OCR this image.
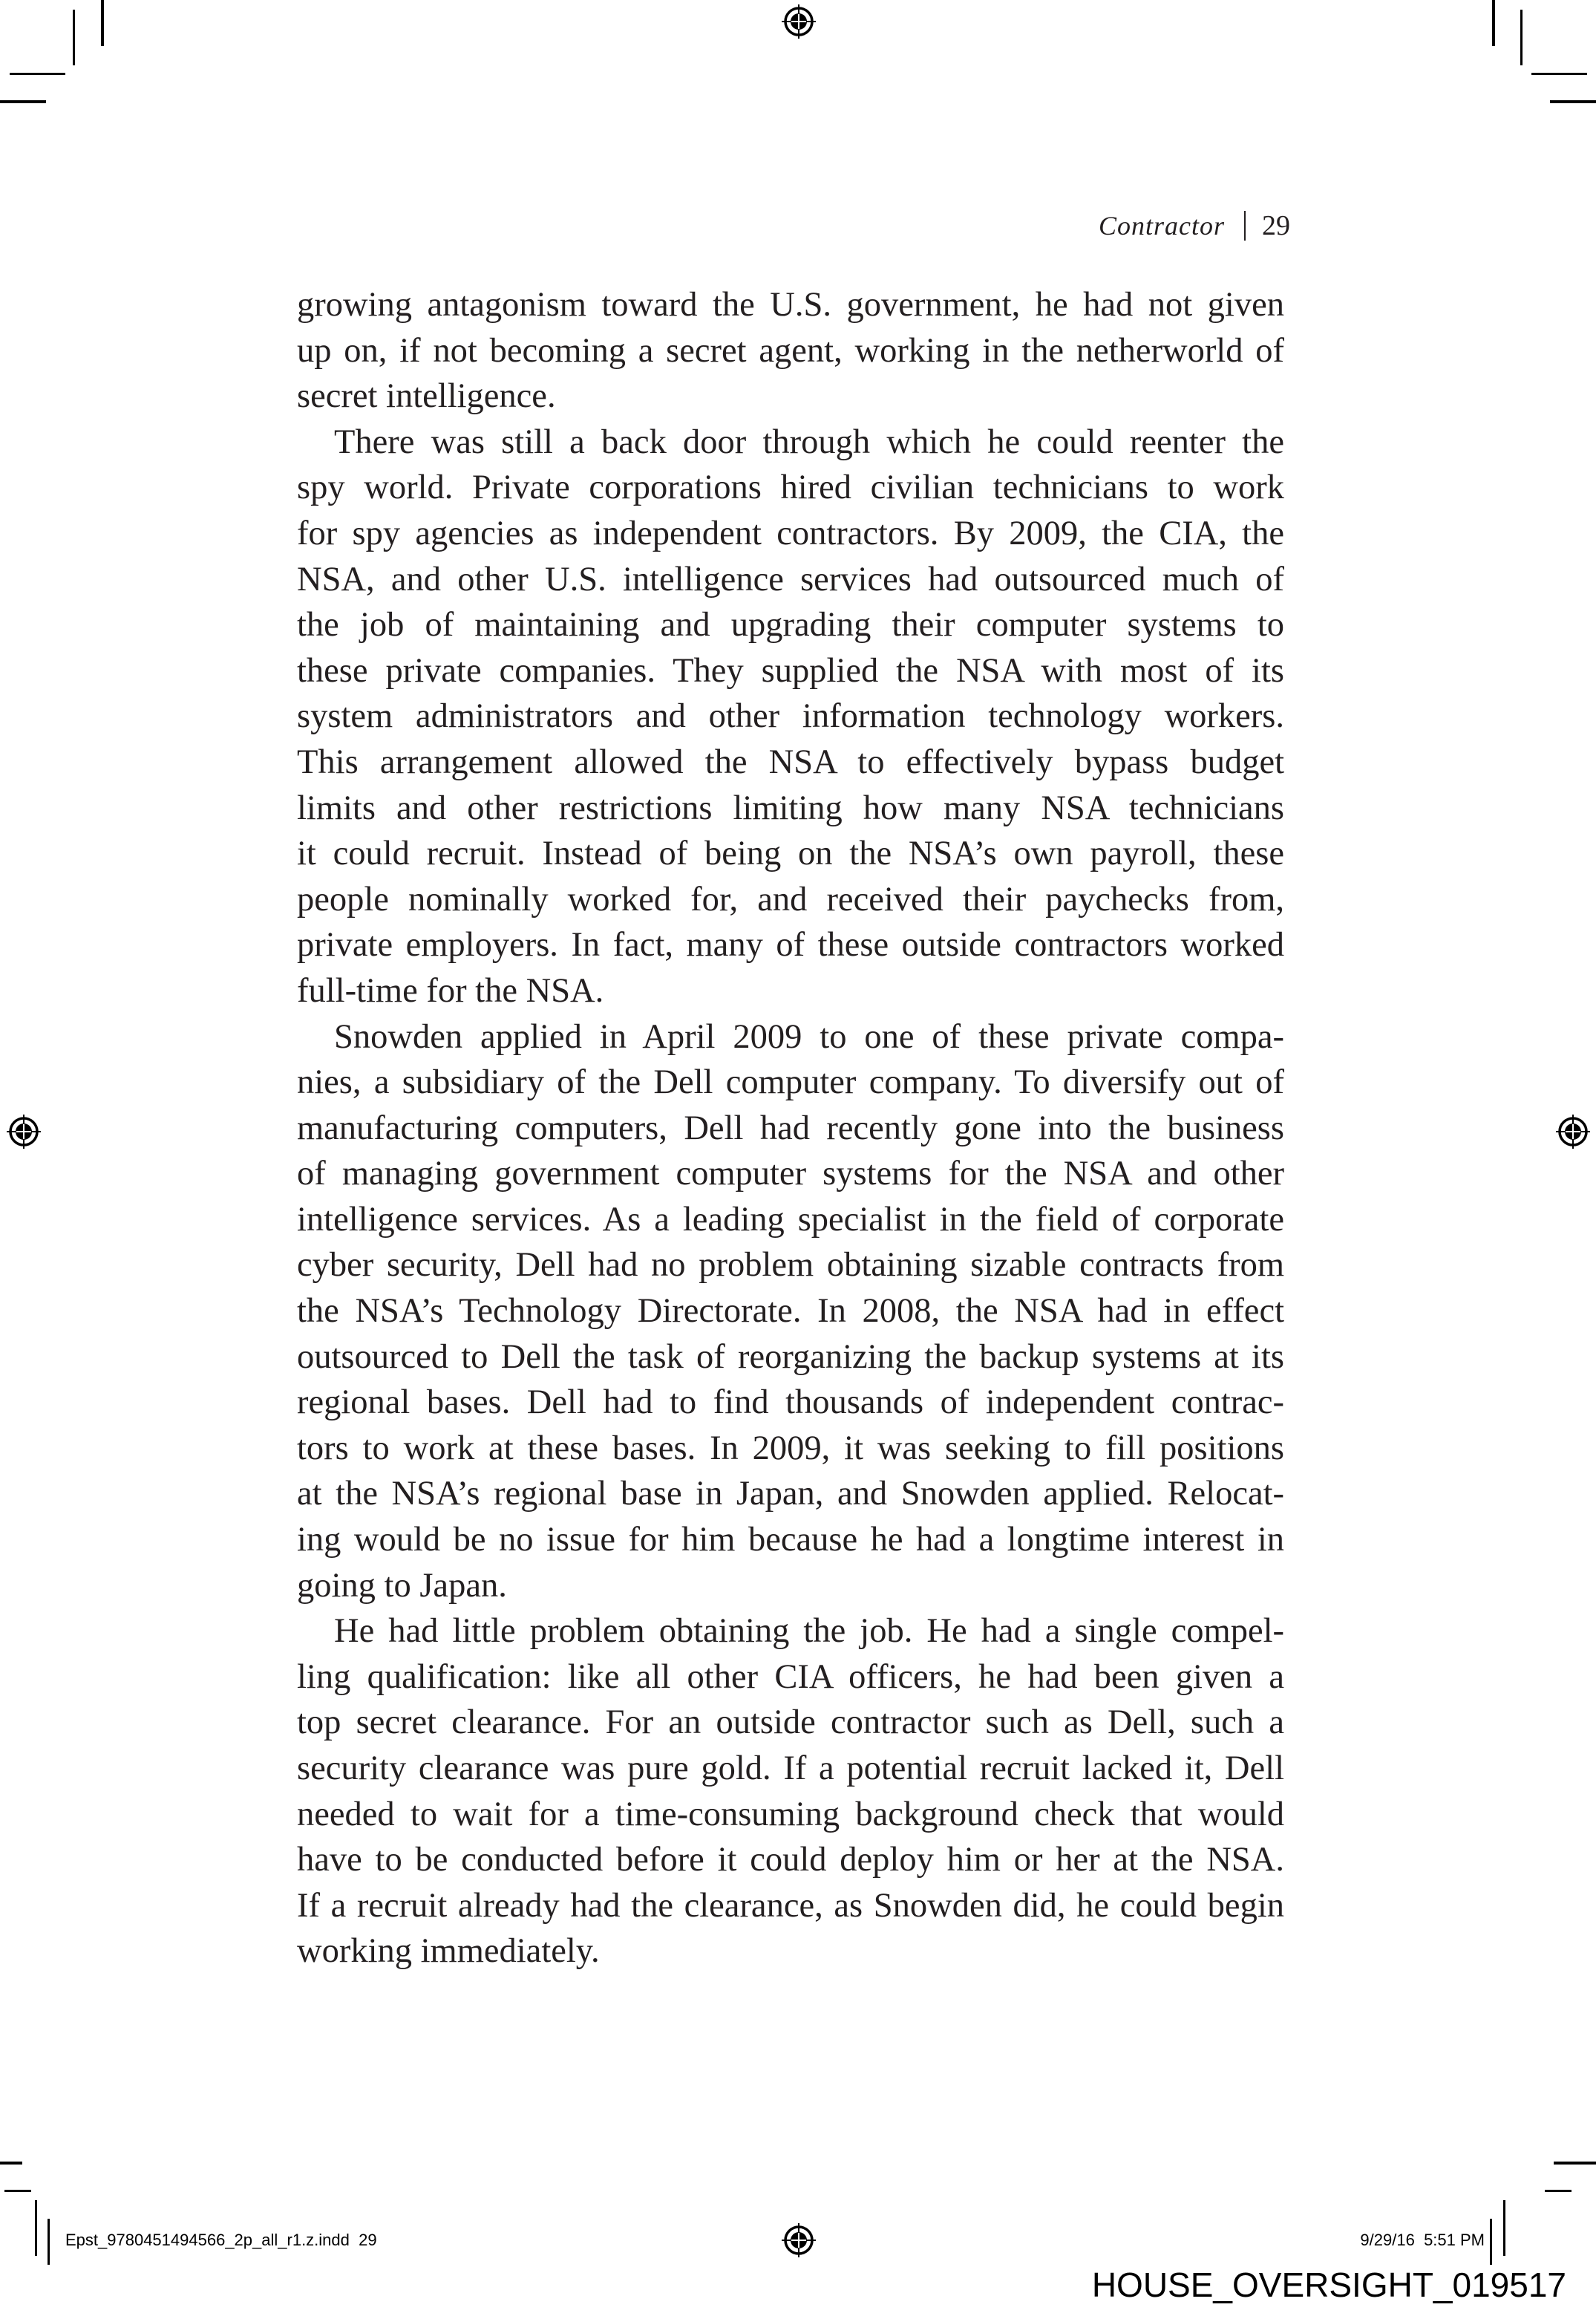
Contractor 29
growing antagonism toward the U.S. government, he had not given
up on, if not becoming a secret agent, working in the netherworld of
secret intelligence.
There was still a back door through which he could reenter the
spy world. Private corporations hired civilian technicians to work
for spy agencies as independent contractors. By 2009, the CIA, the
NSA, and other U.S. intelligence services had outsourced much of
the job of maintaining and upgrading their computer systems to
these private companies. They supplied the NSA with most of its
system administrators and other information technology workers.
This arrangement allowed the NSA to effectively bypass budget
limits and other restrictions limiting how many NSA technicians
it could recruit. Instead of being on the NSA’s own payroll, these
people nominally worked for, and received their paychecks from,
private employers. In fact, many of these outside contractors worked
full-time for the NSA.
Snowden applied in April 2009 to one of these private compa-
nies, a subsidiary of the Dell computer company. To diversify out of
manufacturing computers, Dell had recently gone into the business
of managing government computer systems for the NSA and other
intelligence services. As a leading specialist in the field of corporate
cyber security, Dell had no problem obtaining sizable contracts from
the NSA’s Technology Directorate. In 2008, the NSA had in effect
outsourced to Dell the task of reorganizing the backup systems at its
regional bases. Dell had to find thousands of independent contrac-
tors to work at these bases. In 2009, it was seeking to fill positions
at the NSA’s regional base in Japan, and Snowden applied. Relocat-
ing would be no issue for him because he had a longtime interest in
going to Japan.
He had little problem obtaining the job. He had a single compel-
ling qualification: like all other CIA officers, he had been given a
top secret clearance. For an outside contractor such as Dell, such a
security clearance was pure gold. If a potential recruit lacked it, Dell
needed to wait for a time-consuming background check that would
have to be conducted before it could deploy him or her at the NSA.
If a recruit already had the clearance, as Snowden did, he could begin
working immediately.
Epst_9780451494566_2p_all_r1.z.indd 29	9/29/16 5:51 PM
HOUSE_OVERSIGHT_019517
